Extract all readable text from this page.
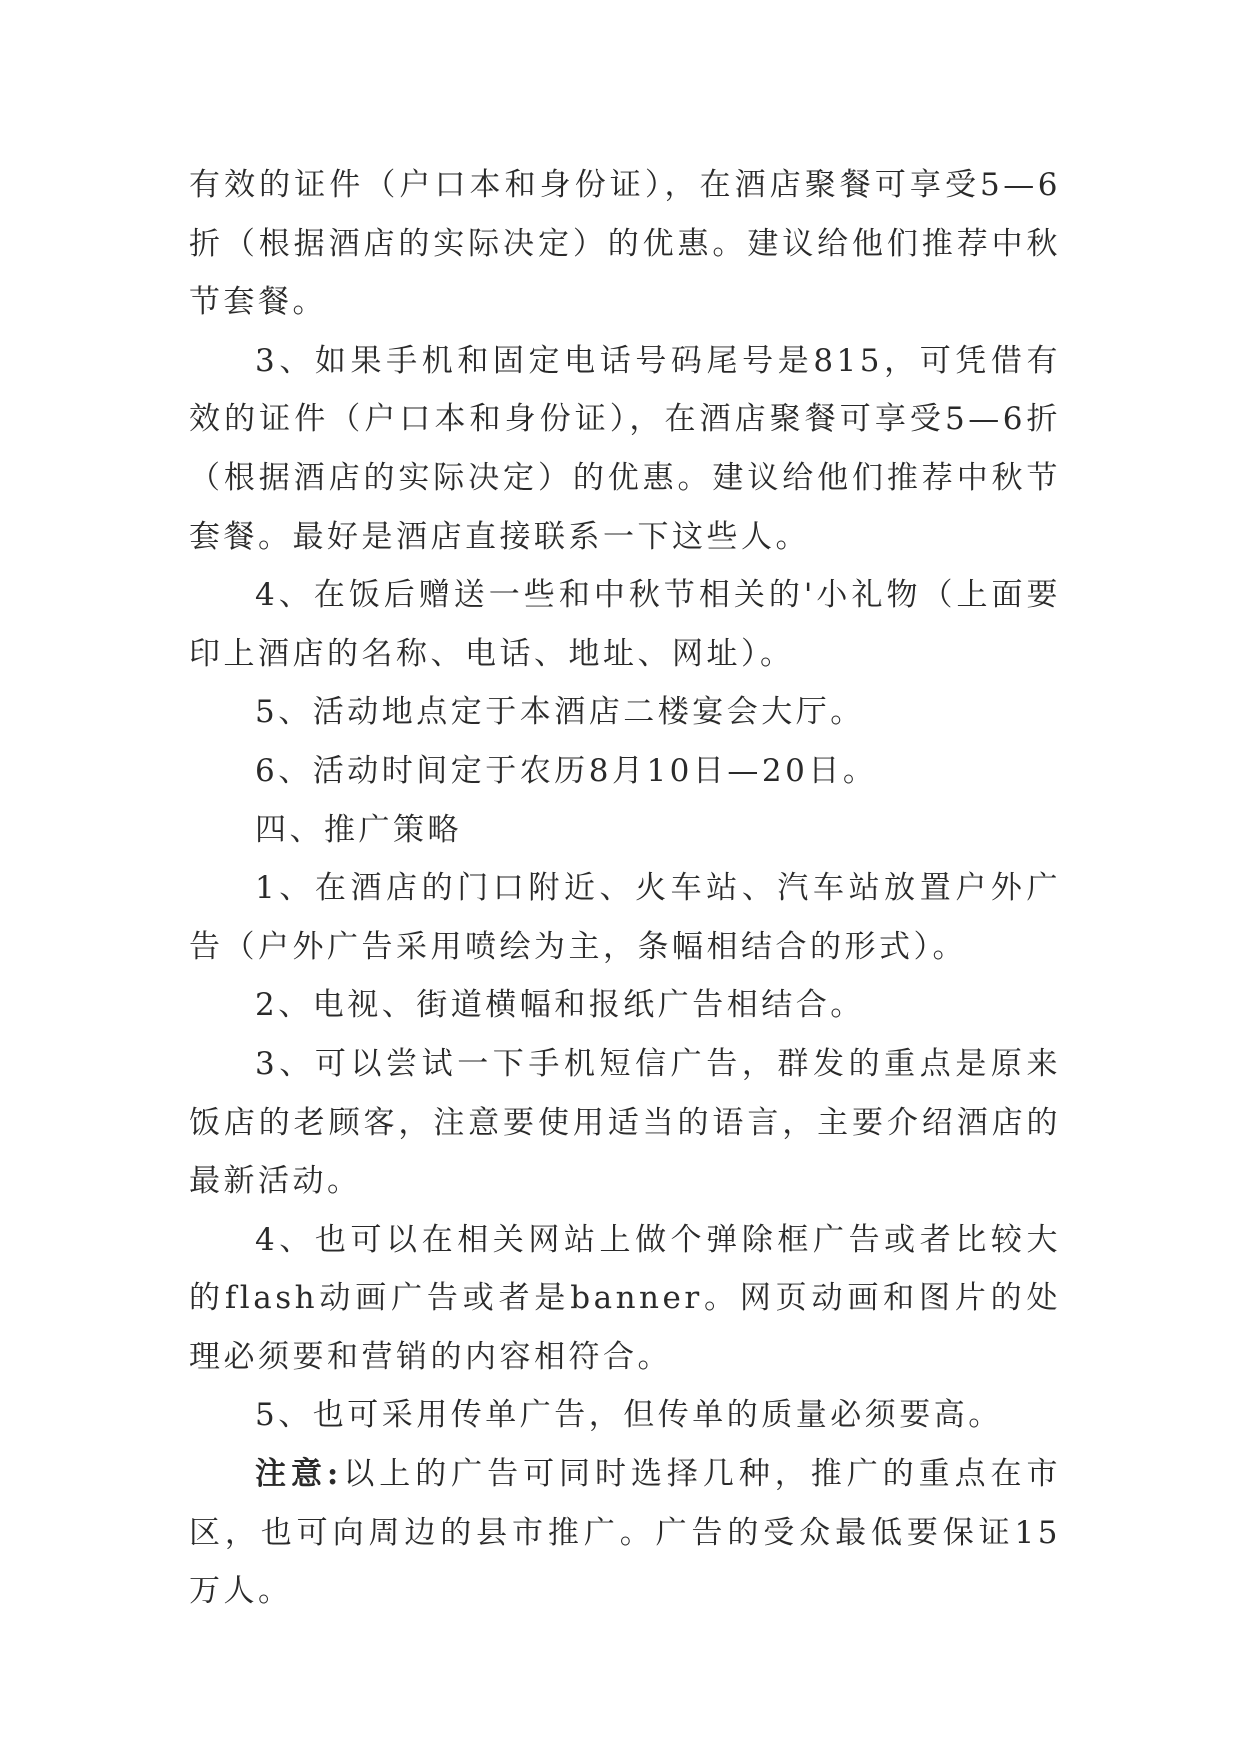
有效的证件（户口本和身份证），在酒店聚餐可享受5—6折（根据酒店的实际决定）的优惠。建议给他们推荐中秋节套餐。

3、如果手机和固定电话号码尾号是815，可凭借有效的证件（户口本和身份证），在酒店聚餐可享受5—6折（根据酒店的实际决定）的优惠。建议给他们推荐中秋节套餐。最好是酒店直接联系一下这些人。

4、在饭后赠送一些和中秋节相关的'小礼物（上面要印上酒店的名称、电话、地址、网址）。

5、活动地点定于本酒店二楼宴会大厅。

6、活动时间定于农历8月10日—20日。

四、推广策略

1、在酒店的门口附近、火车站、汽车站放置户外广告（户外广告采用喷绘为主，条幅相结合的形式）。

2、电视、街道横幅和报纸广告相结合。

3、可以尝试一下手机短信广告，群发的重点是原来饭店的老顾客，注意要使用适当的语言，主要介绍酒店的最新活动。

4、也可以在相关网站上做个弹除框广告或者比较大的flash动画广告或者是banner。网页动画和图片的处理必须要和营销的内容相符合。

5、也可采用传单广告，但传单的质量必须要高。

注意:以上的广告可同时选择几种，推广的重点在市区，也可向周边的县市推广。广告的受众最低要保证15万人。
